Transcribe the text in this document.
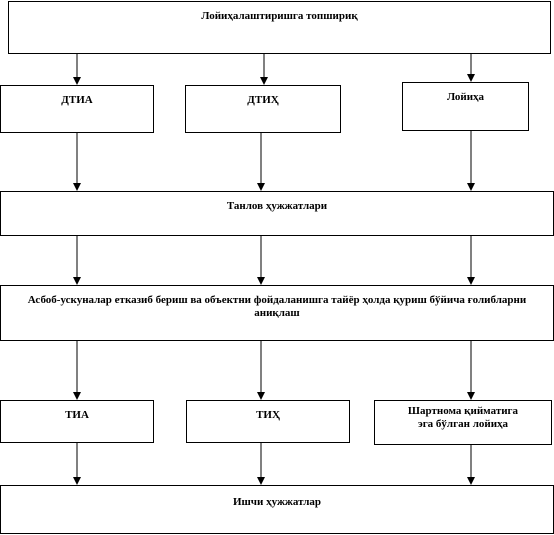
Лойиҳалаштиришга топшириқ
ДТИА	ДТИҲ	Лойиҳа
Танлов ҳужжатлари
Асбоб-ускуналар етказиб бериш ва объектни фойдаланишга тайёр ҳолда қуриш бўйича ғолибларни аниқлаш
ТИА	ТИҲ	Шартнома қийматига эга бўлган лойиҳа
Ишчи ҳужжатлар
